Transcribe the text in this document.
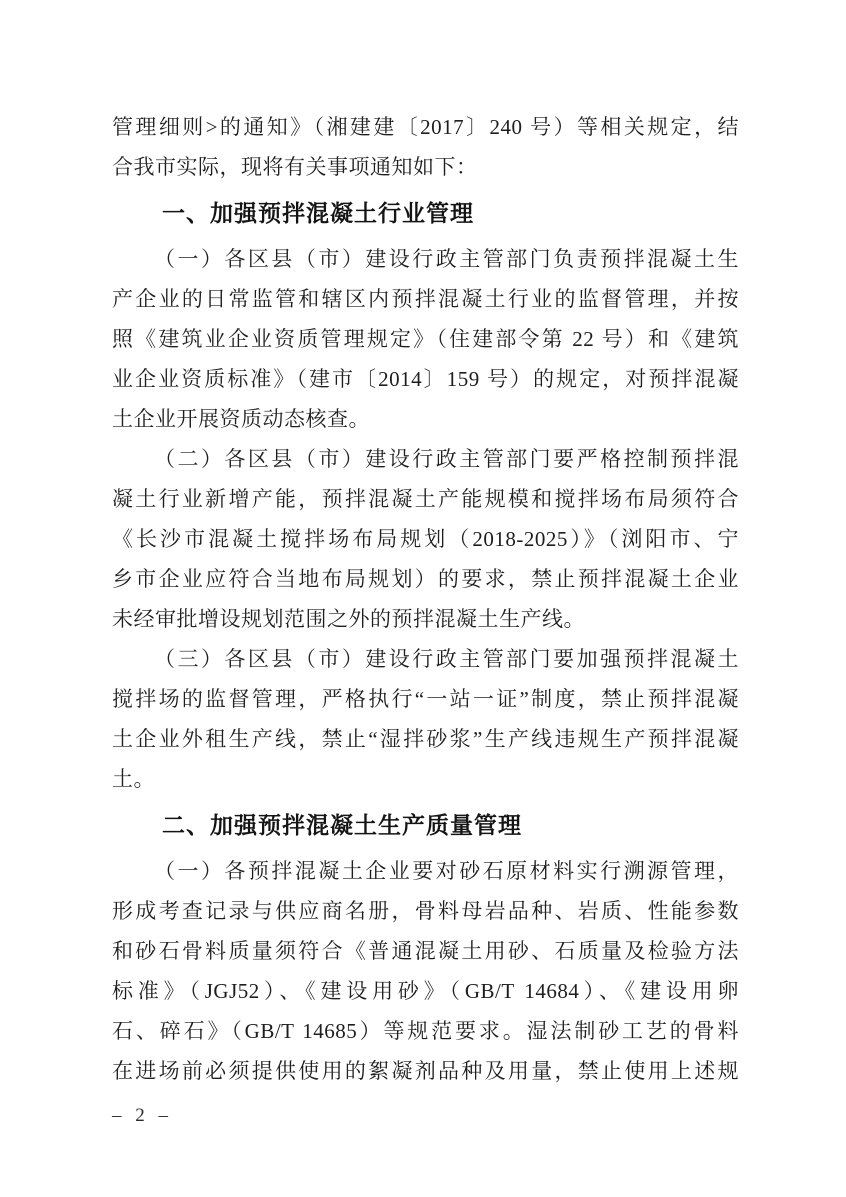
管理细则>的通知》（湘建建〔2017〕240 号）等相关规定，结
合我市实际，现将有关事项通知如下：
一、加强预拌混凝土行业管理
（一）各区县（市）建设行政主管部门负责预拌混凝土生
产企业的日常监管和辖区内预拌混凝土行业的监督管理，并按
照《建筑业企业资质管理规定》（住建部令第 22 号）和《建筑
业企业资质标准》（建市〔2014〕159 号）的规定，对预拌混凝
土企业开展资质动态核查。
（二）各区县（市）建设行政主管部门要严格控制预拌混
凝土行业新增产能，预拌混凝土产能规模和搅拌场布局须符合
《长沙市混凝土搅拌场布局规划（2018-2025）》（浏阳市、宁
乡市企业应符合当地布局规划）的要求，禁止预拌混凝土企业
未经审批增设规划范围之外的预拌混凝土生产线。
（三）各区县（市）建设行政主管部门要加强预拌混凝土
搅拌场的监督管理，严格执行“一站一证”制度，禁止预拌混凝
土企业外租生产线，禁止“湿拌砂浆”生产线违规生产预拌混凝
土。
二、加强预拌混凝土生产质量管理
（一）各预拌混凝土企业要对砂石原材料实行溯源管理，
形成考查记录与供应商名册，骨料母岩品种、岩质、性能参数
和砂石骨料质量须符合《普通混凝土用砂、石质量及检验方法
标准》（JGJ52）、《建设用砂》（GB/T 14684）、《建设用卵
石、碎石》（GB/T 14685）等规范要求。湿法制砂工艺的骨料
在进场前必须提供使用的絮凝剂品种及用量，禁止使用上述规
– 2 –
